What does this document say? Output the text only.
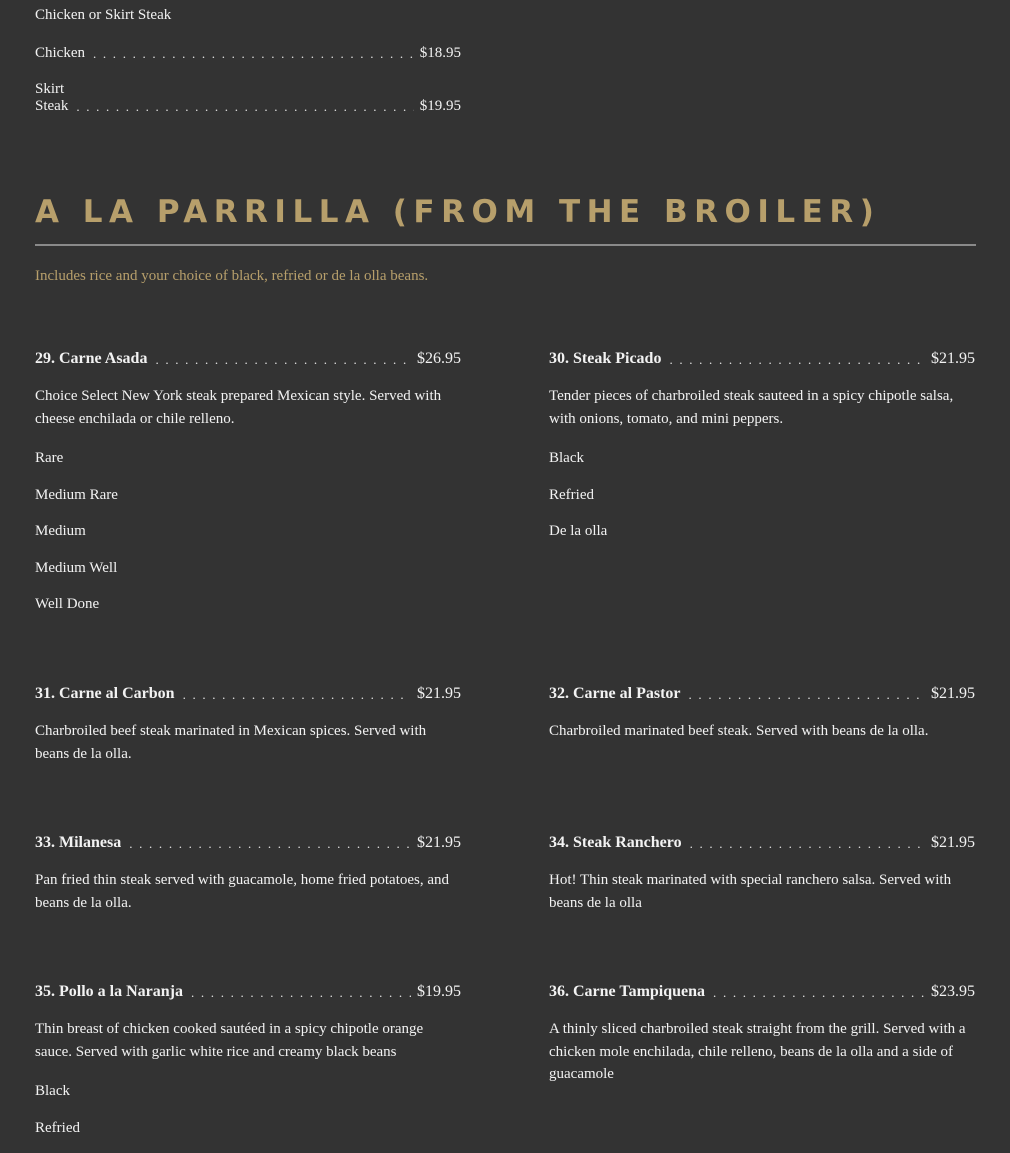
Chicken or Skirt Steak
Chicken . . .	$18.95
Skirt Steak . . .	$19.95
A LA PARRILLA (FROM THE BROILER)
Includes rice and your choice of black, refried or de la olla beans.
29. Carne Asada . . .	$26.95
Choice Select New York steak prepared Mexican style. Served with cheese enchilada or chile relleno.
Rare
Medium Rare
Medium
Medium Well
Well Done
30. Steak Picado . . .	$21.95
Tender pieces of charbroiled steak sauteed in a spicy chipotle salsa, with onions, tomato, and mini peppers.
Black
Refried
De la olla
31. Carne al Carbon . . .	$21.95
Charbroiled beef steak marinated in Mexican spices. Served with beans de la olla.
32. Carne al Pastor . . .	$21.95
Charbroiled marinated beef steak. Served with beans de la olla.
33. Milanesa . . .	$21.95
Pan fried thin steak served with guacamole, home fried potatoes, and beans de la olla.
34. Steak Ranchero . . .	$21.95
Hot! Thin steak marinated with special ranchero salsa. Served with beans de la olla
35. Pollo a la Naranja . . .	$19.95
Thin breast of chicken cooked sautéed in a spicy chipotle orange sauce. Served with garlic white rice and creamy black beans
Black
Refried
36. Carne Tampiquena . . .	$23.95
A thinly sliced charbroiled steak straight from the grill. Served with a chicken mole enchilada, chile relleno, beans de la olla and a side of guacamole
